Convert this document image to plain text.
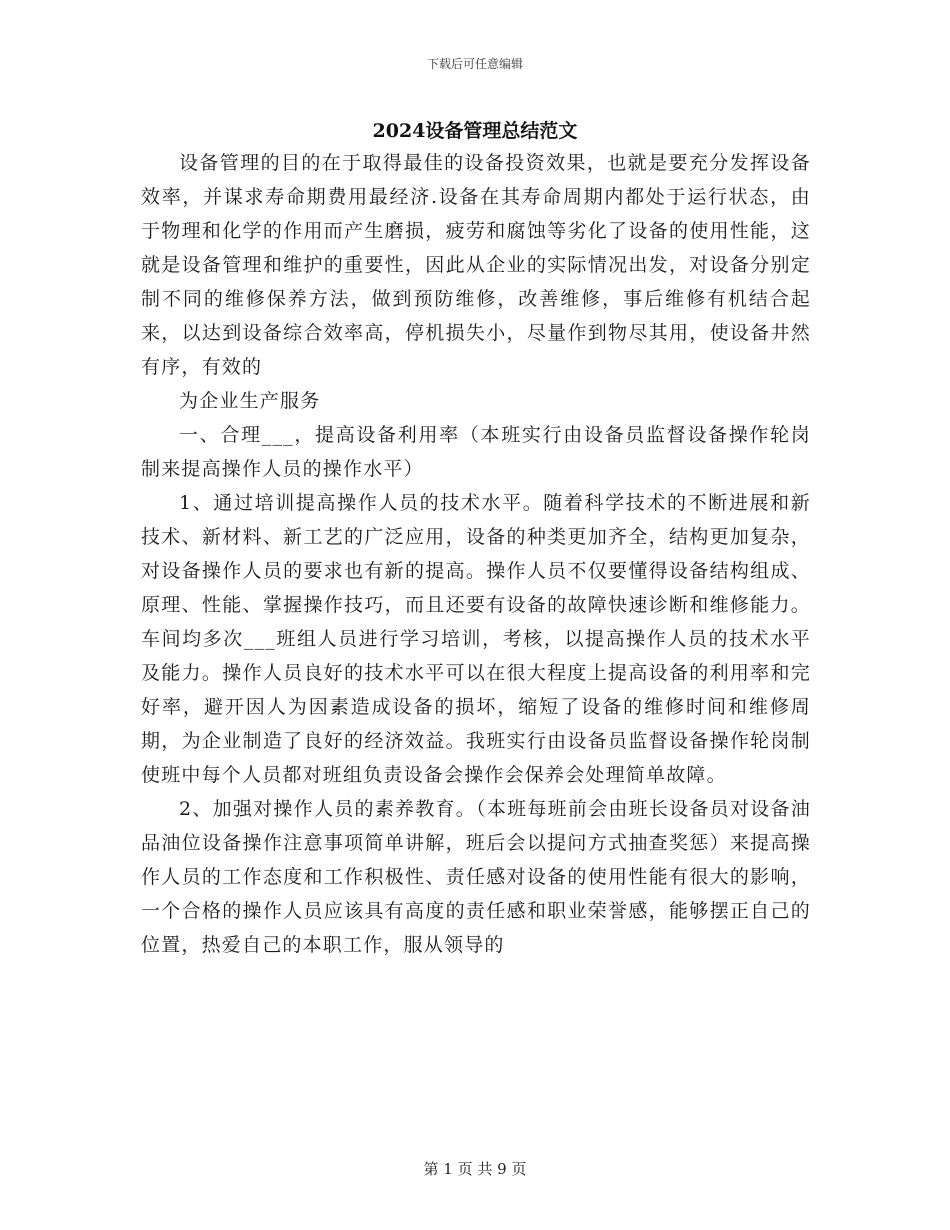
下载后可任意编辑
2024设备管理总结范文

设备管理的目的在于取得最佳的设备投资效果，也就是要充分发挥设备效率，并谋求寿命期费用最经济.设备在其寿命周期内都处于运行状态，由于物理和化学的作用而产生磨损，疲劳和腐蚀等劣化了设备的使用性能，这就是设备管理和维护的重要性，因此从企业的实际情况出发，对设备分别定制不同的维修保养方法，做到预防维修，改善维修，事后维修有机结合起来，以达到设备综合效率高，停机损失小，尽量作到物尽其用，使设备井然有序，有效的

为企业生产服务

一、合理___，提高设备利用率（本班实行由设备员监督设备操作轮岗制来提高操作人员的操作水平）

1、通过培训提高操作人员的技术水平。随着科学技术的不断进展和新技术、新材料、新工艺的广泛应用，设备的种类更加齐全，结构更加复杂，对设备操作人员的要求也有新的提高。操作人员不仅要懂得设备结构组成、原理、性能、掌握操作技巧，而且还要有设备的故障快速诊断和维修能力。车间均多次___班组人员进行学习培训，考核，以提高操作人员的技术水平及能力。操作人员良好的技术水平可以在很大程度上提高设备的利用率和完好率，避开因人为因素造成设备的损坏，缩短了设备的维修时间和维修周期，为企业制造了良好的经济效益。我班实行由设备员监督设备操作轮岗制使班中每个人员都对班组负责设备会操作会保养会处理简单故障。

2、加强对操作人员的素养教育。（本班每班前会由班长设备员对设备油品油位设备操作注意事项简单讲解，班后会以提问方式抽查奖惩）来提高操作人员的工作态度和工作积极性、责任感对设备的使用性能有很大的影响，一个合格的操作人员应该具有高度的责任感和职业荣誉感，能够摆正自己的位置，热爱自己的本职工作，服从领导的

第 1 页 共 9 页
